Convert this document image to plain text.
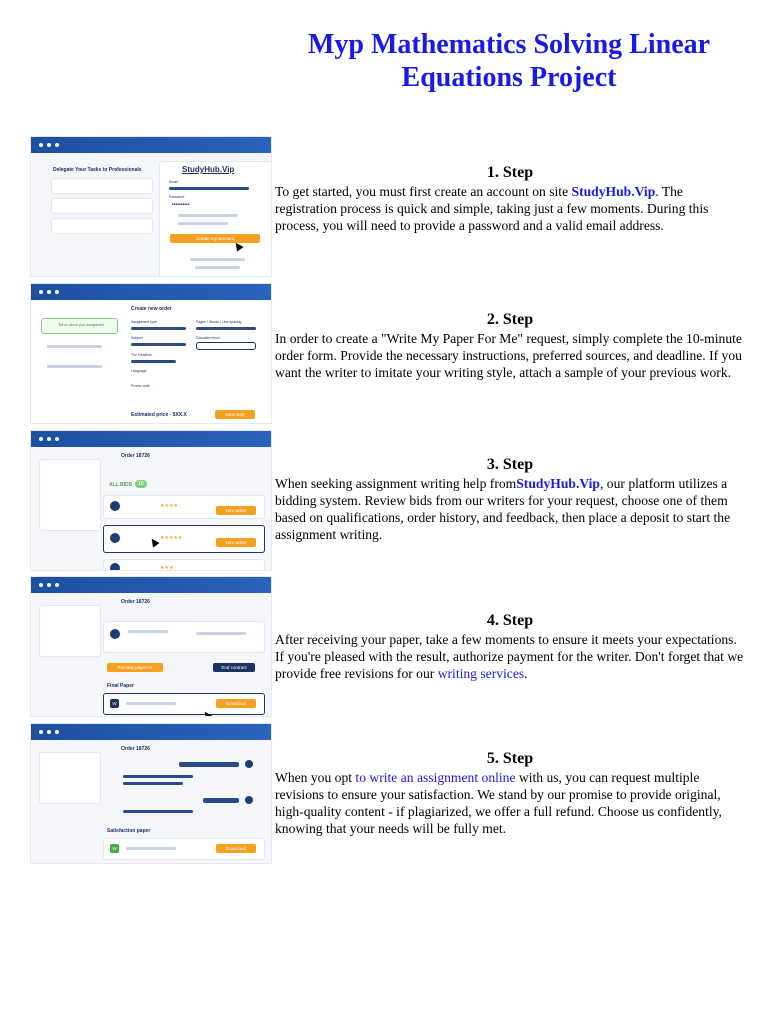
Myp Mathematics Solving Linear
Equations Project
Delegate Your Tasks to Professionals	StudyHub.Vip
Email
Password
••••••••••
Create my account
Create new order
Tell us about your assignment
Assignment type	Pages / Words / Line spacing
Subject	Education level
The Deadline
Language
Promo code
Estimated price - $XX.X	Next step
Order 18726
ALL BIDS	10
★★★★
Hire writer
★★★★★
Hire writer
★★★
Order 18726
Release payment	End contract
Final Paper
W	Download
Order 18726
Satisfaction paper
W	Download
1. Step

To get started, you must first create an account on site StudyHub.Vip. The registration process is quick and simple, taking just a few moments. During this process, you will need to provide a password and a valid email address.

2. Step

In order to create a "Write My Paper For Me" request, simply complete the 10-minute order form. Provide the necessary instructions, preferred sources, and deadline. If you want the writer to imitate your writing style, attach a sample of your previous work.

3. Step

When seeking assignment writing help fromStudyHub.Vip, our platform utilizes a bidding system. Review bids from our writers for your request, choose one of them based on qualifications, order history, and feedback, then place a deposit to start the assignment writing.

4. Step

After receiving your paper, take a few moments to ensure it meets your expectations. If you're pleased with the result, authorize payment for the writer. Don't forget that we provide free revisions for our writing services.

5. Step

When you opt to write an assignment online with us, you can request multiple revisions to ensure your satisfaction. We stand by our promise to provide original, high-quality content - if plagiarized, we offer a full refund. Choose us confidently, knowing that your needs will be fully met.
